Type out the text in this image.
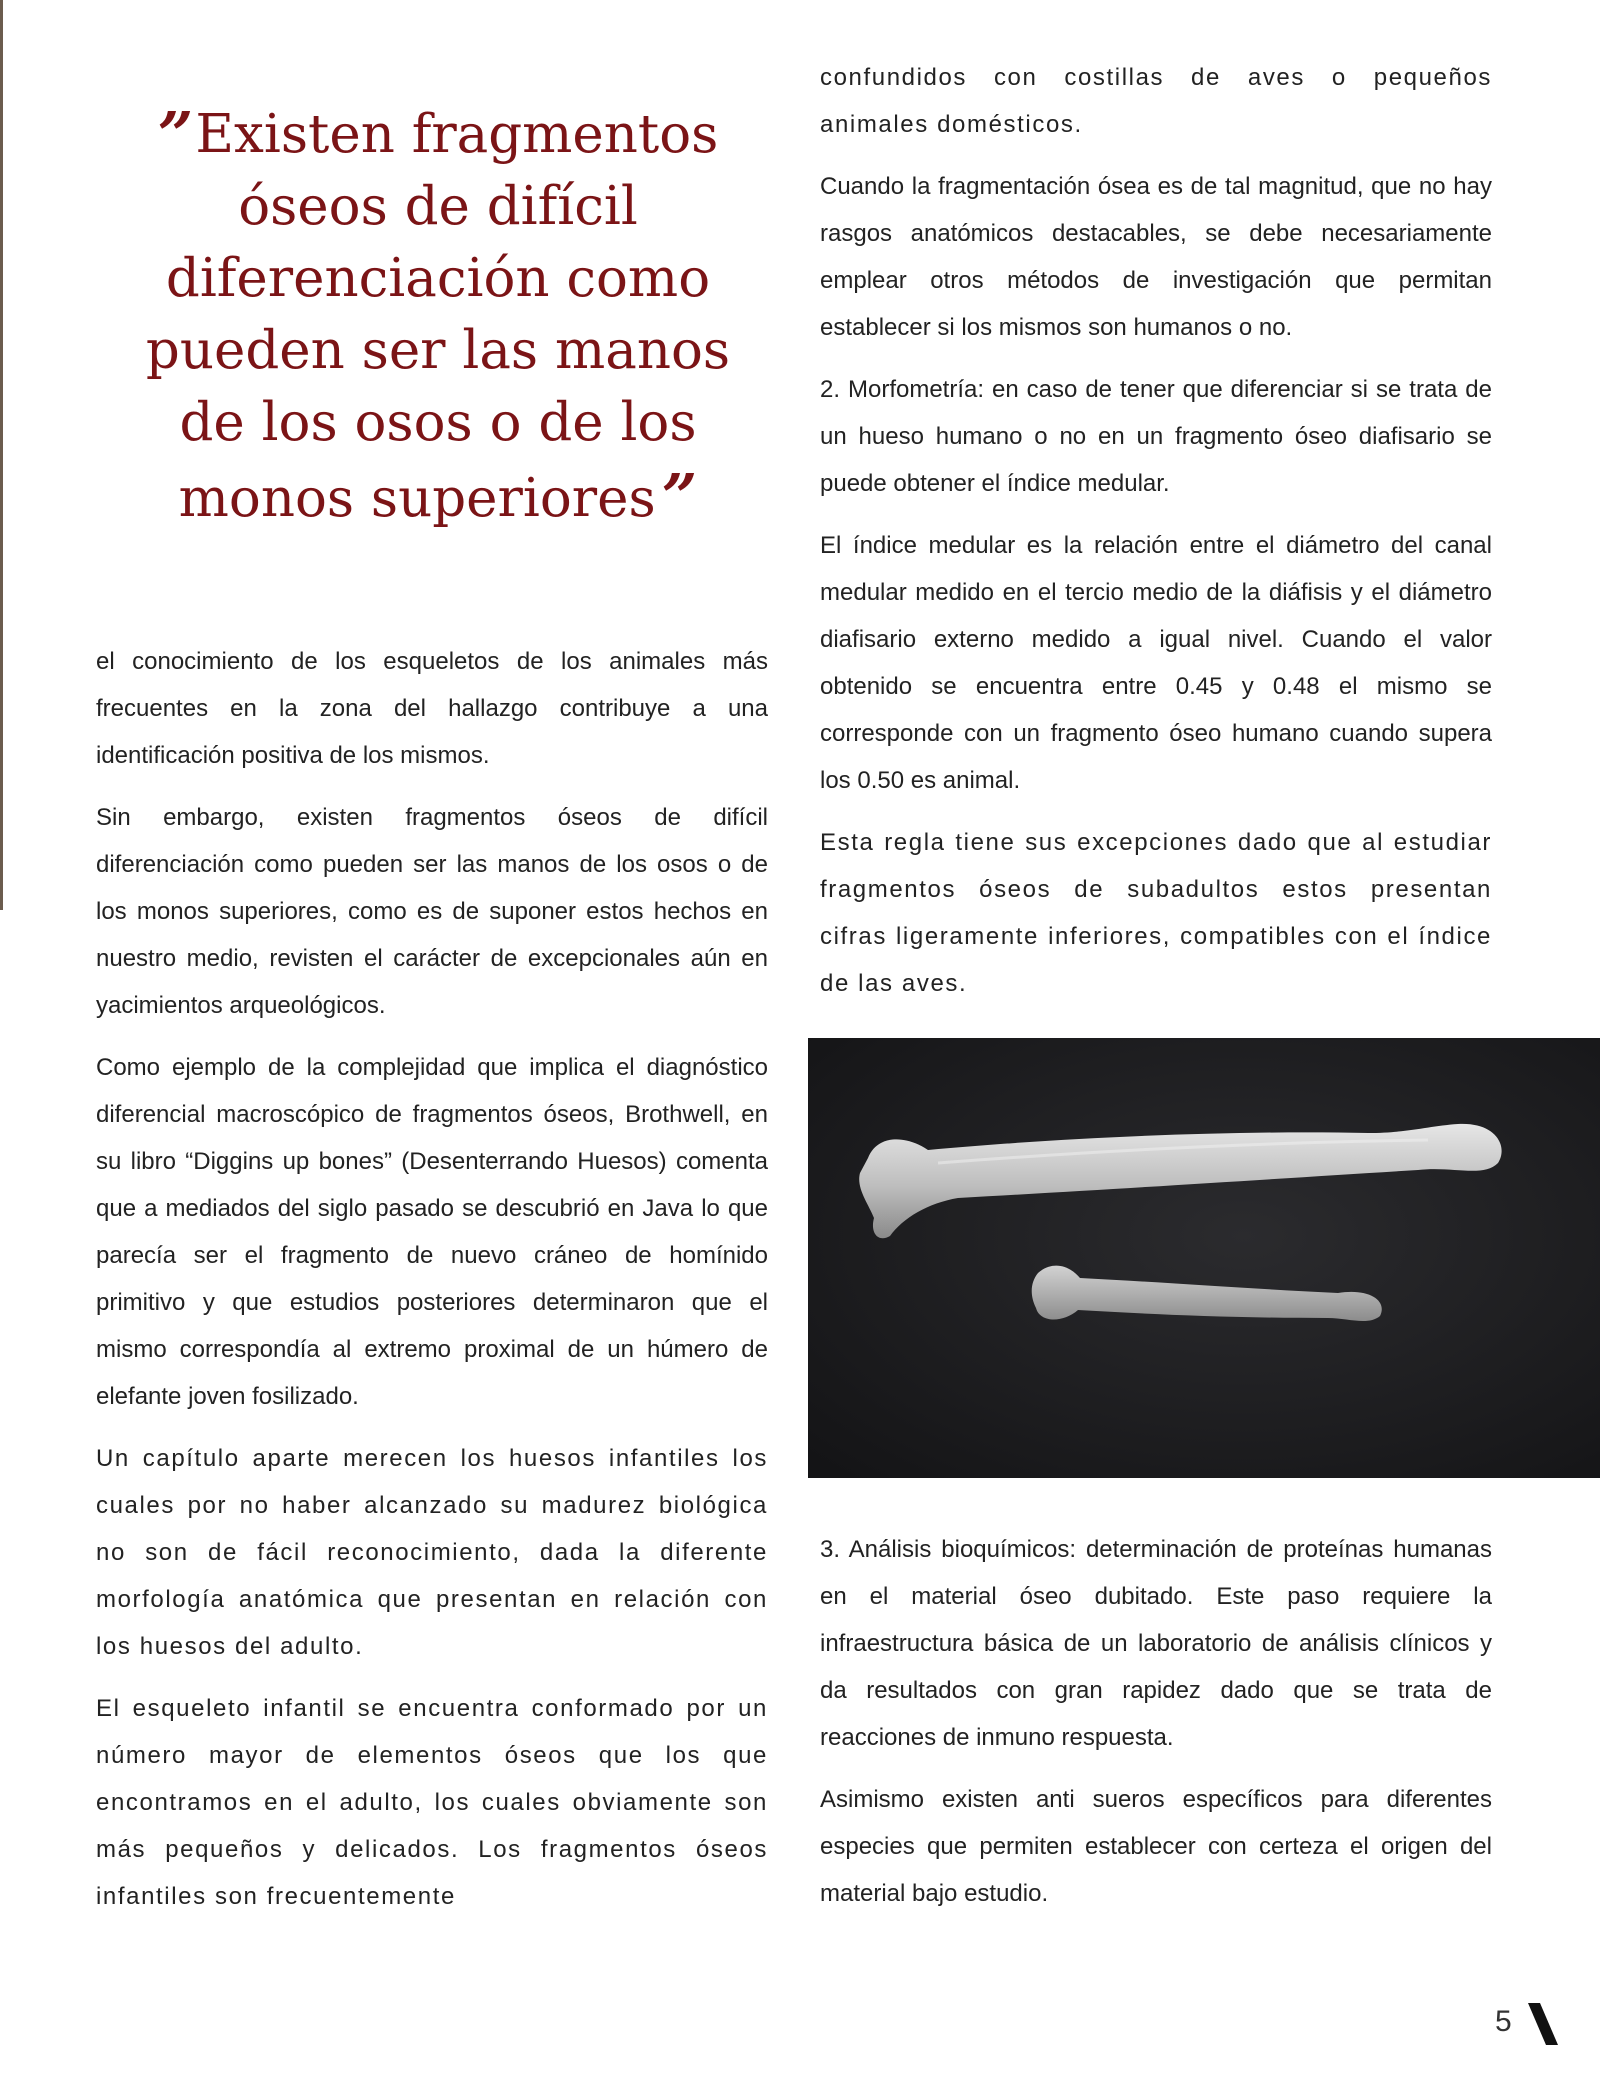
”Existen fragmentos óseos de difícil diferenciación como pueden ser las manos de los osos o de los monos superiores”

el conocimiento de los esqueletos de los animales más frecuentes en la zona del hallazgo contribuye a una identificación positiva de los mismos.

Sin embargo, existen fragmentos óseos de difícil diferenciación como pueden ser las manos de los osos o de los monos superiores, como es de suponer estos hechos en nuestro medio, revisten el carácter de excepcionales aún en yacimientos arqueológicos.

Como ejemplo de la complejidad que implica el diagnóstico diferencial macroscópico de fragmentos óseos, Brothwell, en su libro “Diggins up bones” (Desenterrando Huesos) comenta que a mediados del siglo pasado se descubrió en Java lo que parecía ser el fragmento de nuevo cráneo de homínido primitivo y que estudios posteriores determinaron que el mismo correspondía al extremo proximal de un húmero de elefante joven fosilizado.

Un capítulo aparte merecen los huesos infantiles los cuales por no haber alcanzado su madurez biológica no son de fácil reconocimiento, dada la diferente morfología anatómica que presentan en relación con los huesos del adulto.

El esqueleto infantil se encuentra conformado por un número mayor de elementos óseos que los que encontramos en el adulto, los cuales obviamente son más pequeños y delicados. Los fragmentos óseos infantiles son frecuentemente

confundidos con costillas de aves o pequeños animales domésticos.

Cuando la fragmentación ósea es de tal magnitud, que no hay rasgos anatómicos destacables, se debe necesariamente emplear otros métodos de investigación que permitan establecer si los mismos son humanos o no.

2. Morfometría: en caso de tener que diferenciar si se trata de un hueso humano o no en un fragmento óseo diafisario se puede obtener el índice medular.

El índice medular es la relación entre el diámetro del canal medular medido en el tercio medio de la diáfisis y el diámetro diafisario externo medido a igual nivel. Cuando el valor obtenido se encuentra entre 0.45 y 0.48 el mismo se corresponde con un fragmento óseo humano cuando supera los 0.50 es animal.

Esta regla tiene sus excepciones dado que al estudiar fragmentos óseos de subadultos estos presentan cifras ligeramente inferiores, compatibles con el índice de las aves.

3. Análisis bioquímicos: determinación de proteínas humanas en el material óseo dubitado. Este paso requiere la infraestructura básica de un laboratorio de análisis clínicos y da resultados con gran rapidez dado que se trata de reacciones de inmuno respuesta.

Asimismo existen anti sueros específicos para diferentes especies que permiten establecer con certeza el origen del material bajo estudio.

5
